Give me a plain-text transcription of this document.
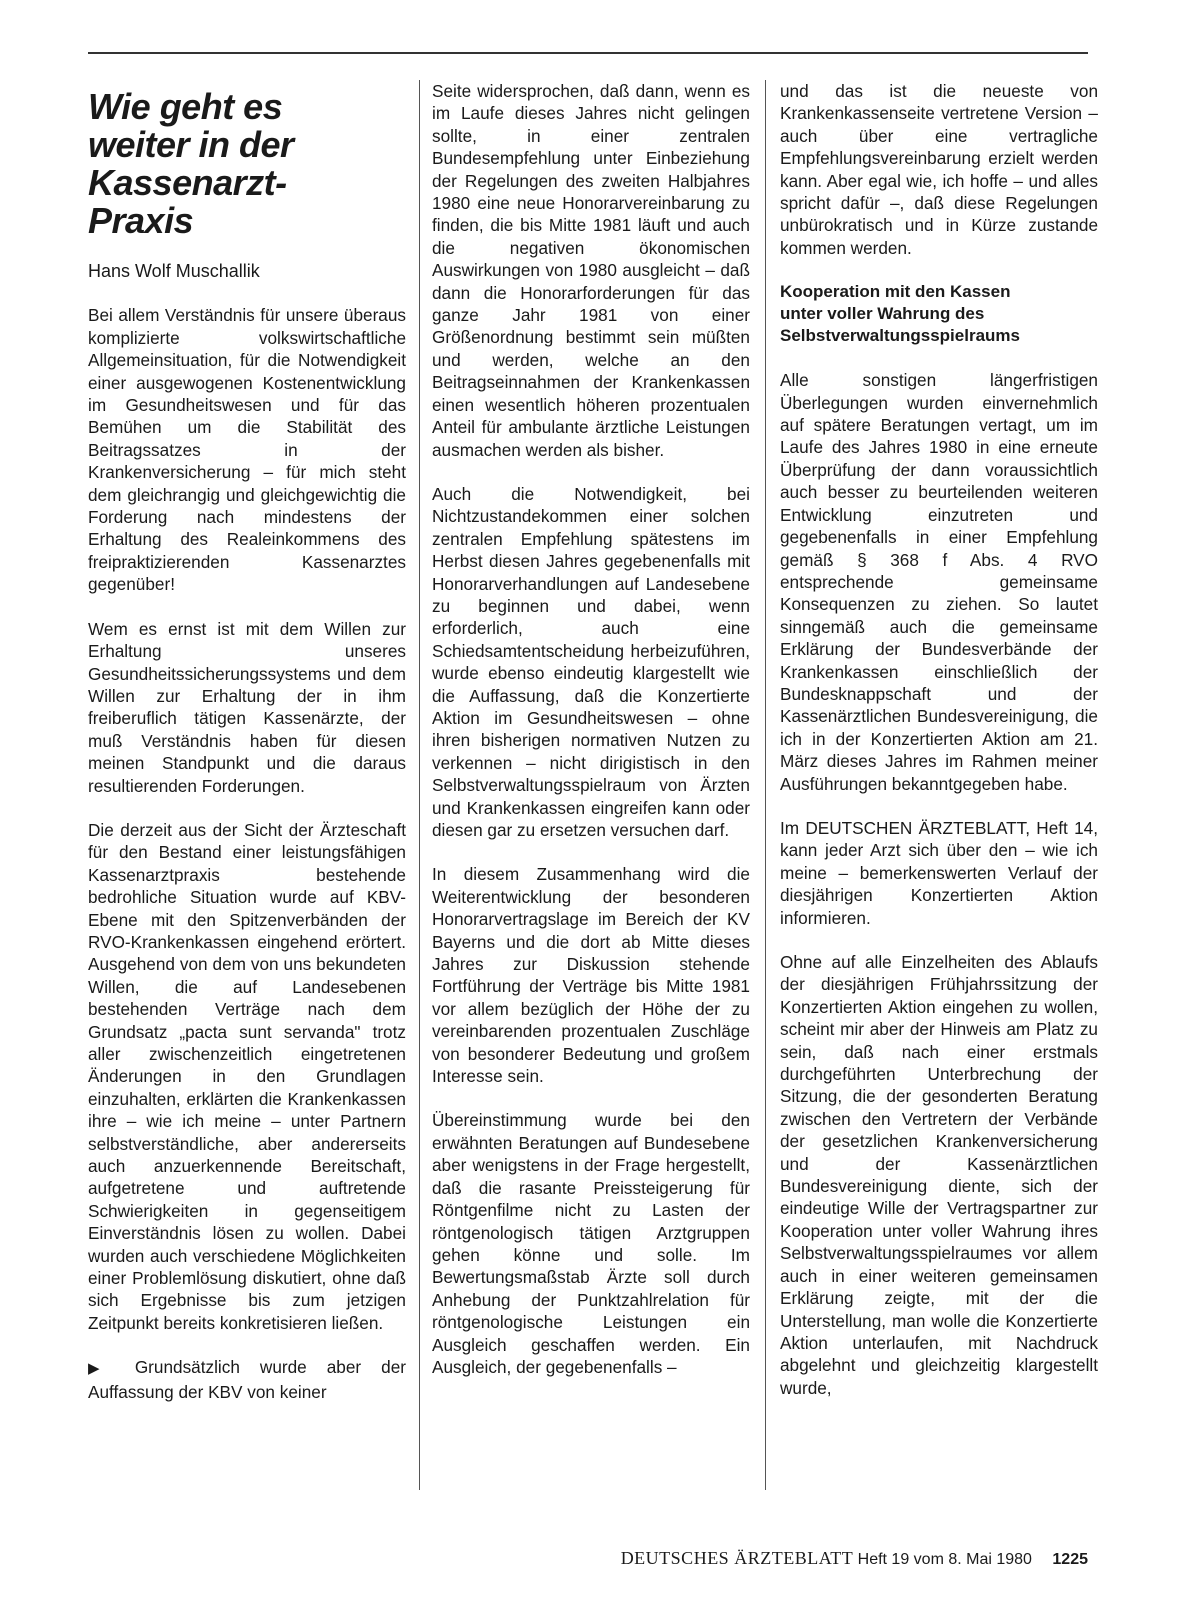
Wie geht es
weiter in der
Kassenarzt-
Praxis
Hans Wolf Muschallik

Bei allem Verständnis für unsere überaus komplizierte volkswirtschaftliche Allgemeinsituation, für die Notwendigkeit einer ausgewogenen Kostenentwicklung im Gesundheitswesen und für das Bemühen um die Stabilität des Beitragssatzes in der Krankenversicherung – für mich steht dem gleichrangig und gleichgewichtig die Forderung nach mindestens der Erhaltung des Realeinkommens des freipraktizierenden Kassenarztes gegenüber!

Wem es ernst ist mit dem Willen zur Erhaltung unseres Gesundheitssicherungssystems und dem Willen zur Erhaltung der in ihm freiberuflich tätigen Kassenärzte, der muß Verständnis haben für diesen meinen Standpunkt und die daraus resultierenden Forderungen.

Die derzeit aus der Sicht der Ärzteschaft für den Bestand einer leistungsfähigen Kassenarztpraxis bestehende bedrohliche Situation wurde auf KBV-Ebene mit den Spitzenverbänden der RVO-Krankenkassen eingehend erörtert. Ausgehend von dem von uns bekundeten Willen, die auf Landesebenen bestehenden Verträge nach dem Grundsatz „pacta sunt servanda" trotz aller zwischenzeitlich eingetretenen Änderungen in den Grundlagen einzuhalten, erklärten die Krankenkassen ihre – wie ich meine – unter Partnern selbstverständliche, aber andererseits auch anzuerkennende Bereitschaft, aufgetretene und auftretende Schwierigkeiten in gegenseitigem Einverständnis lösen zu wollen. Dabei wurden auch verschiedene Möglichkeiten einer Problemlösung diskutiert, ohne daß sich Ergebnisse bis zum jetzigen Zeitpunkt bereits konkretisieren ließen.

▶ Grundsätzlich wurde aber der Auffassung der KBV von keiner

Seite widersprochen, daß dann, wenn es im Laufe dieses Jahres nicht gelingen sollte, in einer zentralen Bundesempfehlung unter Einbeziehung der Regelungen des zweiten Halbjahres 1980 eine neue Honorarvereinbarung zu finden, die bis Mitte 1981 läuft und auch die negativen ökonomischen Auswirkungen von 1980 ausgleicht – daß dann die Honorarforderungen für das ganze Jahr 1981 von einer Größenordnung bestimmt sein müßten und werden, welche an den Beitragseinnahmen der Krankenkassen einen wesentlich höheren prozentualen Anteil für ambulante ärztliche Leistungen ausmachen werden als bisher.

Auch die Notwendigkeit, bei Nichtzustandekommen einer solchen zentralen Empfehlung spätestens im Herbst diesen Jahres gegebenenfalls mit Honorarverhandlungen auf Landesebene zu beginnen und dabei, wenn erforderlich, auch eine Schiedsamtentscheidung herbeizuführen, wurde ebenso eindeutig klargestellt wie die Auffassung, daß die Konzertierte Aktion im Gesundheitswesen – ohne ihren bisherigen normativen Nutzen zu verkennen – nicht dirigistisch in den Selbstverwaltungsspielraum von Ärzten und Krankenkassen eingreifen kann oder diesen gar zu ersetzen versuchen darf.

In diesem Zusammenhang wird die Weiterentwicklung der besonderen Honorarvertragslage im Bereich der KV Bayerns und die dort ab Mitte dieses Jahres zur Diskussion stehende Fortführung der Verträge bis Mitte 1981 vor allem bezüglich der Höhe der zu vereinbarenden prozentualen Zuschläge von besonderer Bedeutung und großem Interesse sein.

Übereinstimmung wurde bei den erwähnten Beratungen auf Bundesebene aber wenigstens in der Frage hergestellt, daß die rasante Preissteigerung für Röntgenfilme nicht zu Lasten der röntgenologisch tätigen Arztgruppen gehen könne und solle. Im Bewertungsmaßstab Ärzte soll durch Anhebung der Punktzahlrelation für röntgenologische Leistungen ein Ausgleich geschaffen werden. Ein Ausgleich, der gegebenenfalls –

und das ist die neueste von Krankenkassenseite vertretene Version – auch über eine vertragliche Empfehlungsvereinbarung erzielt werden kann. Aber egal wie, ich hoffe – und alles spricht dafür –, daß diese Regelungen unbürokratisch und in Kürze zustande kommen werden.

Kooperation mit den Kassen
unter voller Wahrung des
Selbstverwaltungsspielraums

Alle sonstigen längerfristigen Überlegungen wurden einvernehmlich auf spätere Beratungen vertagt, um im Laufe des Jahres 1980 in eine erneute Überprüfung der dann voraussichtlich auch besser zu beurteilenden weiteren Entwicklung einzutreten und gegebenenfalls in einer Empfehlung gemäß § 368 f Abs. 4 RVO entsprechende gemeinsame Konsequenzen zu ziehen. So lautet sinngemäß auch die gemeinsame Erklärung der Bundesverbände der Krankenkassen einschließlich der Bundesknappschaft und der Kassenärztlichen Bundesvereinigung, die ich in der Konzertierten Aktion am 21. März dieses Jahres im Rahmen meiner Ausführungen bekanntgegeben habe.

Im DEUTSCHEN ÄRZTEBLATT, Heft 14, kann jeder Arzt sich über den – wie ich meine – bemerkenswerten Verlauf der diesjährigen Konzertierten Aktion informieren.

Ohne auf alle Einzelheiten des Ablaufs der diesjährigen Frühjahrssitzung der Konzertierten Aktion eingehen zu wollen, scheint mir aber der Hinweis am Platz zu sein, daß nach einer erstmals durchgeführten Unterbrechung der Sitzung, die der gesonderten Beratung zwischen den Vertretern der Verbände der gesetzlichen Krankenversicherung und der Kassenärztlichen Bundesvereinigung diente, sich der eindeutige Wille der Vertragspartner zur Kooperation unter voller Wahrung ihres Selbstverwaltungsspielraumes vor allem auch in einer weiteren gemeinsamen Erklärung zeigte, mit der die Unterstellung, man wolle die Konzertierte Aktion unterlaufen, mit Nachdruck abgelehnt und gleichzeitig klargestellt wurde,

DEUTSCHES ÄRZTEBLATT Heft 19 vom 8. Mai 1980 1225
